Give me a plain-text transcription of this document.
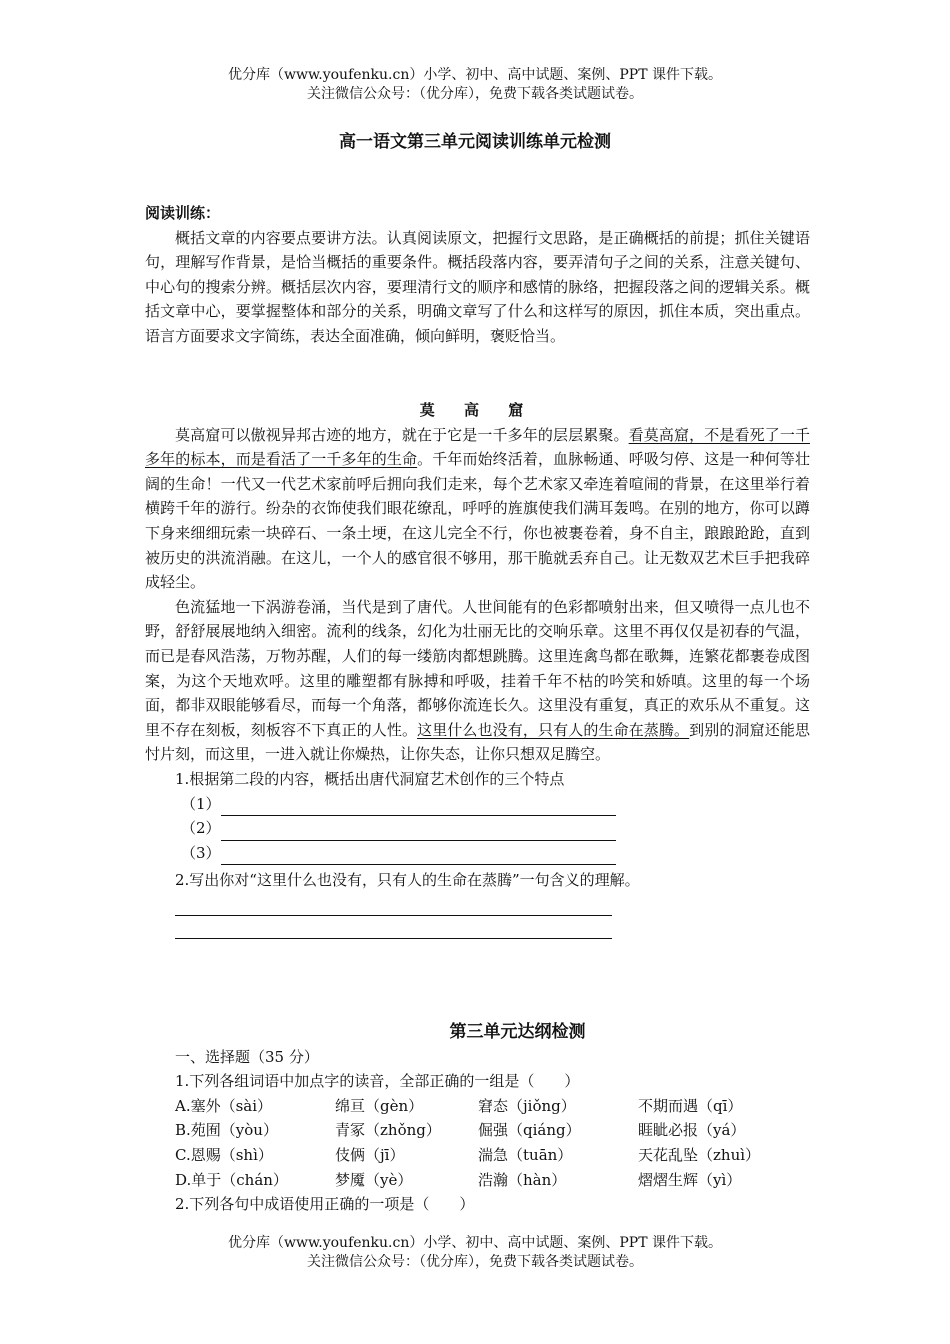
优分库（www.youfenku.cn）小学、初中、高中试题、案例、PPT 课件下载。
关注微信公众号：（优分库），免费下载各类试题试卷。
高一语文第三单元阅读训练单元检测
阅读训练：

概括文章的内容要点要讲方法。认真阅读原文，把握行文思路，是正确概括的前提；抓住关键语句，理解写作背景，是恰当概括的重要条件。概括段落内容，要弄清句子之间的关系，注意关键句、中心句的搜索分辨。概括层次内容，要理清行文的顺序和感情的脉络，把握段落之间的逻辑关系。概括文章中心，要掌握整体和部分的关系，明确文章写了什么和这样写的原因，抓住本质，突出重点。语言方面要求文字简练，表达全面准确，倾向鲜明，褒贬恰当。

莫 高 窟

莫高窟可以傲视异邦古迹的地方，就在于它是一千多年的层层累聚。看莫高窟，不是看死了一千多年的标本，而是看活了一千多年的生命。千年而始终活着，血脉畅通、呼吸匀停、这是一种何等壮阔的生命！一代又一代艺术家前呼后拥向我们走来，每个艺术家又牵连着喧闹的背景，在这里举行着横跨千年的游行。纷杂的衣饰使我们眼花缭乱，呼呼的旌旗使我们满耳轰鸣。在别的地方，你可以蹲下身来细细玩索一块碎石、一条土埂，在这儿完全不行，你也被裹卷着，身不自主，踉踉跄跄，直到被历史的洪流消融。在这儿，一个人的感官很不够用，那干脆就丢弃自己。让无数双艺术巨手把我碎成轻尘。

色流猛地一下涡游卷涌，当代是到了唐代。人世间能有的色彩都喷射出来，但又喷得一点儿也不野，舒舒展展地纳入细密。流利的线条，幻化为壮丽无比的交响乐章。这里不再仅仅是初春的气温，而已是春风浩荡，万物苏醒，人们的每一缕筋肉都想跳腾。这里连禽鸟都在歌舞，连繁花都裹卷成图案，为这个天地欢呼。这里的雕塑都有脉搏和呼吸，挂着千年不枯的吟笑和娇嗔。这里的每一个场面，都非双眼能够看尽，而每一个角落，都够你流连长久。这里没有重复，真正的欢乐从不重复。这里不存在刻板，刻板容不下真正的人性。这里什么也没有，只有人的生命在蒸腾。到别的洞窟还能思忖片刻，而这里，一进入就让你燥热，让你失态，让你只想双足腾空。

1.根据第二段的内容，概括出唐代洞窟艺术创作的三个特点

（1）
（2）
（3）

2.写出你对“这里什么也没有，只有人的生命在蒸腾”一句含义的理解。

第三单元达纲检测

一、选择题（35 分）

1.下列各组词语中加点字的读音，全部正确的一组是（　　）

A.塞外（sài）	绵亘（gèn）	窘态（jiǒng）	不期而遇（qī）
B.苑囿（yòu）	青冢（zhǒng）	倔强（qiáng）	睚眦必报（yá）
C.恩赐（shì）	伎俩（jī）	湍急（tuān）	天花乱坠（zhuì）
D.单于（chán）	梦魇（yè）	浩瀚（hàn）	熠熠生辉（yì）

2.下列各句中成语使用正确的一项是（　　）

优分库（www.youfenku.cn）小学、初中、高中试题、案例、PPT 课件下载。
关注微信公众号：（优分库），免费下载各类试题试卷。
